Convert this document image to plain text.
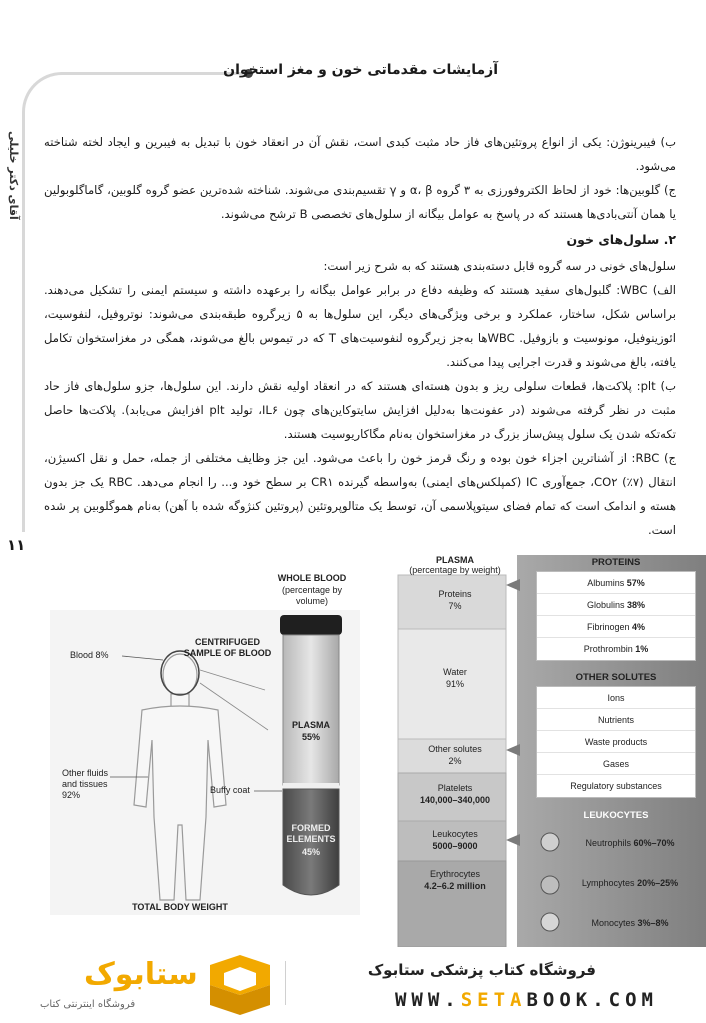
آزمایشات مقدماتی خون و مغز استخوان
آقای دکتر خلیلی
۱۱

ب) فیبرینوژن: یکی از انواع پروتئین‌های فاز حاد مثبت کبدی است، نقش آن در انعقاد خون با تبدیل به فیبرین و ایجاد لخته شناخته می‌شود.

ج) گلوبین‌ها: خود از لحاظ الکتروفورزی به ۳ گروه α، β و γ تقسیم‌بندی می‌شوند. شناخته شده‌ترین عضو گروه گلوبین، گاماگلوبولین یا همان آنتی‌بادی‌ها هستند که در پاسخ به عوامل بیگانه از سلول‌های تخصصی B ترشح می‌شوند.

۲. سلول‌های خون

سلول‌های خونی در سه گروه قابل دسته‌بندی هستند که به شرح زیر است:

الف) WBC: گلبول‌های سفید هستند که وظیفه دفاع در برابر عوامل بیگانه را برعهده داشته و سیستم ایمنی را تشکیل می‌دهند. براساس شکل، ساختار، عملکرد و برخی ویژگی‌های دیگر، این سلول‌ها به ۵ زیرگروه طبقه‌بندی می‌شوند: نوتروفیل، لنفوسیت، ائوزینوفیل، مونوسیت و بازوفیل. WBCها به‌جز زیرگروه لنفوسیت‌های T که در تیموس بالغ می‌شوند، همگی در مغزاستخوان تکامل یافته، بالغ می‌شوند و قدرت اجرایی پیدا می‌کنند.

ب) plt: پلاکت‌ها، قطعات سلولی ریز و بدون هسته‌ای هستند که در انعقاد اولیه نقش دارند. این سلول‌ها، جزو سلول‌های فاز حاد مثبت در نظر گرفته می‌شوند (در عفونت‌ها به‌دلیل افزایش سایتوکاین‌های چون IL۶، تولید plt افزایش می‌یابد). پلاکت‌ها حاصل تکه‌تکه شدن یک سلول پیش‌ساز بزرگ در مغزاستخوان به‌نام مگاکاریوسیت هستند.

ج) RBC: از آشناترین اجزاء خون بوده و رنگ قرمز خون را باعث می‌شود. این جز وظایف مختلفی از جمله، حمل و نقل اکسیژن، انتقال CO۲ (٪۷)، جمع‌آوری IC (کمپلکس‌های ایمنی) به‌واسطه گیرنده CR۱ بر سطح خود و... را انجام می‌دهد. RBC یک جز بدون هسته و اندامک است که تمام فضای سیتوپلاسمی آن، توسط یک متالوپروتئین (پروتئین کنژوگه شده با آهن) به‌نام هموگلوبین پر شده است.

Blood 8%
Other fluids and tissues 92%
TOTAL BODY WEIGHT
CENTRIFUGED SAMPLE OF BLOOD
WHOLE BLOOD
(percentage by volume)
PLASMA
55%
Buffy coat
FORMED ELEMENTS
45%
PLASMA
(percentage by weight)
Proteins
7%
Water
91%
Other solutes
2%
Platelets
140,000–340,000
Leukocytes
5000–9000
Erythrocytes
4.2–6.2 million
PROTEINS
Albumins 57%
Globulins 38%
Fibrinogen 4%
Prothrombin 1%
OTHER SOLUTES
Ions
Nutrients
Waste products
Gases
Regulatory substances
LEUKOCYTES
Neutrophils 60%–70%
Lymphocytes 20%–25%
Monocytes 3%–8%
ستابوک
فروشگاه اینترنتی کتاب
فروشگاه کتاب پزشکی ستابوک
WWW.SETABOOK.COM
